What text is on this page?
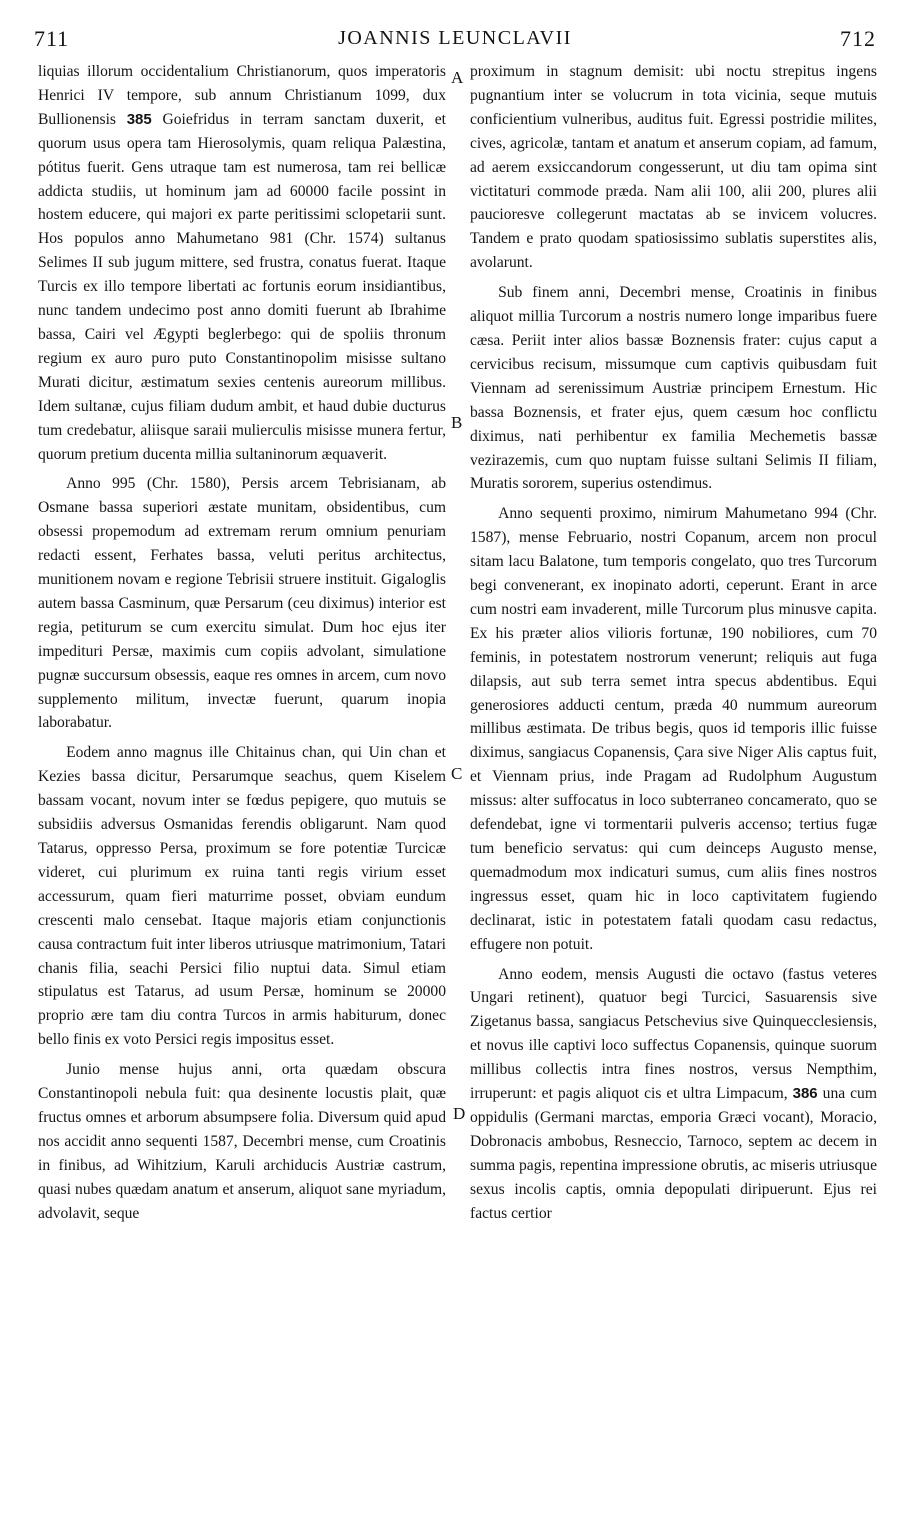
711	JOANNIS LEUNCLAVII	712
A
B
C
D

liquias illorum occidentalium Christianorum, quos imperatoris Henrici IV tempore, sub annum Christianum 1099, dux Bullionensis 385 Goiefridus in terram sanctam duxerit, et quorum usus opera tam Hierosolymis, quam reliqua Palæstina, pótitus fuerit. Gens utraque tam est numerosa, tam rei bellicæ addicta studiis, ut hominum jam ad 60000 facile possint in hostem educere, qui majori ex parte peritissimi sclopetarii sunt. Hos populos anno Mahumetano 981 (Chr. 1574) sultanus Selimes II sub jugum mittere, sed frustra, conatus fuerat. Itaque Turcis ex illo tempore libertati ac fortunis eorum insidiantibus, nunc tandem undecimo post anno domiti fuerunt ab Ibrahime bassa, Cairi vel Ægypti beglerbego: qui de spoliis thronum regium ex auro puro puto Constantinopolim misisse sultano Murati dicitur, æstimatum sexies centenis aureorum millibus. Idem sultanæ, cujus filiam dudum ambit, et haud dubie ducturus tum credebatur, aliisque saraii mulierculis misisse munera fertur, quorum pretium ducenta millia sultaninorum æquaverit.

Anno 995 (Chr. 1580), Persis arcem Tebrisianam, ab Osmane bassa superiori æstate munitam, obsidentibus, cum obsessi propemodum ad extremam rerum omnium penuriam redacti essent, Ferhates bassa, veluti peritus architectus, munitionem novam e regione Tebrisii struere instituit. Gigaloglis autem bassa Casminum, quæ Persarum (ceu diximus) interior est regia, petiturum se cum exercitu simulat. Dum hoc ejus iter impedituri Persæ, maximis cum copiis advolant, simulatione pugnæ succursum obsessis, eaque res omnes in arcem, cum novo supplemento militum, invectæ fuerunt, quarum inopia laborabatur.

Eodem anno magnus ille Chitainus chan, qui Uin chan et Kezies bassa dicitur, Persarumque seachus, quem Kiselem bassam vocant, novum inter se fœdus pepigere, quo mutuis se subsidiis adversus Osmanidas ferendis obligarunt. Nam quod Tatarus, oppresso Persa, proximum se fore potentiæ Turcicæ videret, cui plurimum ex ruina tanti regis virium esset accessurum, quam fieri maturrime posset, obviam eundum crescenti malo censebat. Itaque majoris etiam conjunctionis causa contractum fuit inter liberos utriusque matrimonium, Tatari chanis filia, seachi Persici filio nuptui data. Simul etiam stipulatus est Tatarus, ad usum Persæ, hominum se 20000 proprio ære tam diu contra Turcos in armis habiturum, donec bello finis ex voto Persici regis impositus esset.

Junio mense hujus anni, orta quædam obscura Constantinopoli nebula fuit: qua desinente locustis plait, quæ fructus omnes et arborum absumpsere folia. Diversum quid apud nos accidit anno sequenti 1587, Decembri mense, cum Croatinis in finibus, ad Wihitzium, Karuli archiducis Austriæ castrum, quasi nubes quædam anatum et anserum, aliquot sane myriadum, advolavit, seque

proximum in stagnum demisit: ubi noctu strepitus ingens pugnantium inter se volucrum in tota vicinia, seque mutuis conficientium vulneribus, auditus fuit. Egressi postridie milites, cives, agricolæ, tantam et anatum et anserum copiam, ad famum, ad aerem exsiccandorum congesserunt, ut diu tam opima sint victitaturi commode præda. Nam alii 100, alii 200, plures alii paucioresve collegerunt mactatas ab se invicem volucres. Tandem e prato quodam spatiosissimo sublatis superstites alis, avolarunt.

Sub finem anni, Decembri mense, Croatinis in finibus aliquot millia Turcorum a nostris numero longe imparibus fuere cæsa. Periit inter alios bassæ Boznensis frater: cujus caput a cervicibus recisum, missumque cum captivis quibusdam fuit Viennam ad serenissimum Austriæ principem Ernestum. Hic bassa Boznensis, et frater ejus, quem cæsum hoc conflictu diximus, nati perhibentur ex familia Mechemetis bassæ vezirazemis, cum quo nuptam fuisse sultani Selimis II filiam, Muratis sororem, superius ostendimus.

Anno sequenti proximo, nimirum Mahumetano 994 (Chr. 1587), mense Februario, nostri Copanum, arcem non procul sitam lacu Balatone, tum temporis congelato, quo tres Turcorum begi convenerant, ex inopinato adorti, ceperunt. Erant in arce cum nostri eam invaderent, mille Turcorum plus minusve capita. Ex his præter alios vilioris fortunæ, 190 nobiliores, cum 70 feminis, in potestatem nostrorum venerunt; reliquis aut fuga dilapsis, aut sub terra semet intra specus abdentibus. Equi generosiores adducti centum, præda 40 nummum aureorum millibus æstimata. De tribus begis, quos id temporis illic fuisse diximus, sangiacus Copanensis, Çara sive Niger Alis captus fuit, et Viennam prius, inde Pragam ad Rudolphum Augustum missus: alter suffocatus in loco subterraneo concamerato, quo se defendebat, igne vi tormentarii pulveris accenso; tertius fugæ tum beneficio servatus: qui cum deinceps Augusto mense, quemadmodum mox indicaturi sumus, cum aliis fines nostros ingressus esset, quam hic in loco captivitatem fugiendo declinarat, istic in potestatem fatali quodam casu redactus, effugere non potuit.

Anno eodem, mensis Augusti die octavo (fastus veteres Ungari retinent), quatuor begi Turcici, Sasuarensis sive Zigetanus bassa, sangiacus Petschevius sive Quinquecclesiensis, et novus ille captivi loco suffectus Copanensis, quinque suorum millibus collectis intra fines nostros, versus Nempthim, irruperunt: et pagis aliquot cis et ultra Limpacum, 386 una cum oppidulis (Germani marctas, emporia Græci vocant), Moracio, Dobronacis ambobus, Resneccio, Tarnoco, septem ac decem in summa pagis, repentina impressione obrutis, ac miseris utriusque sexus incolis captis, omnia depopulati diripuerunt. Ejus rei factus certior
